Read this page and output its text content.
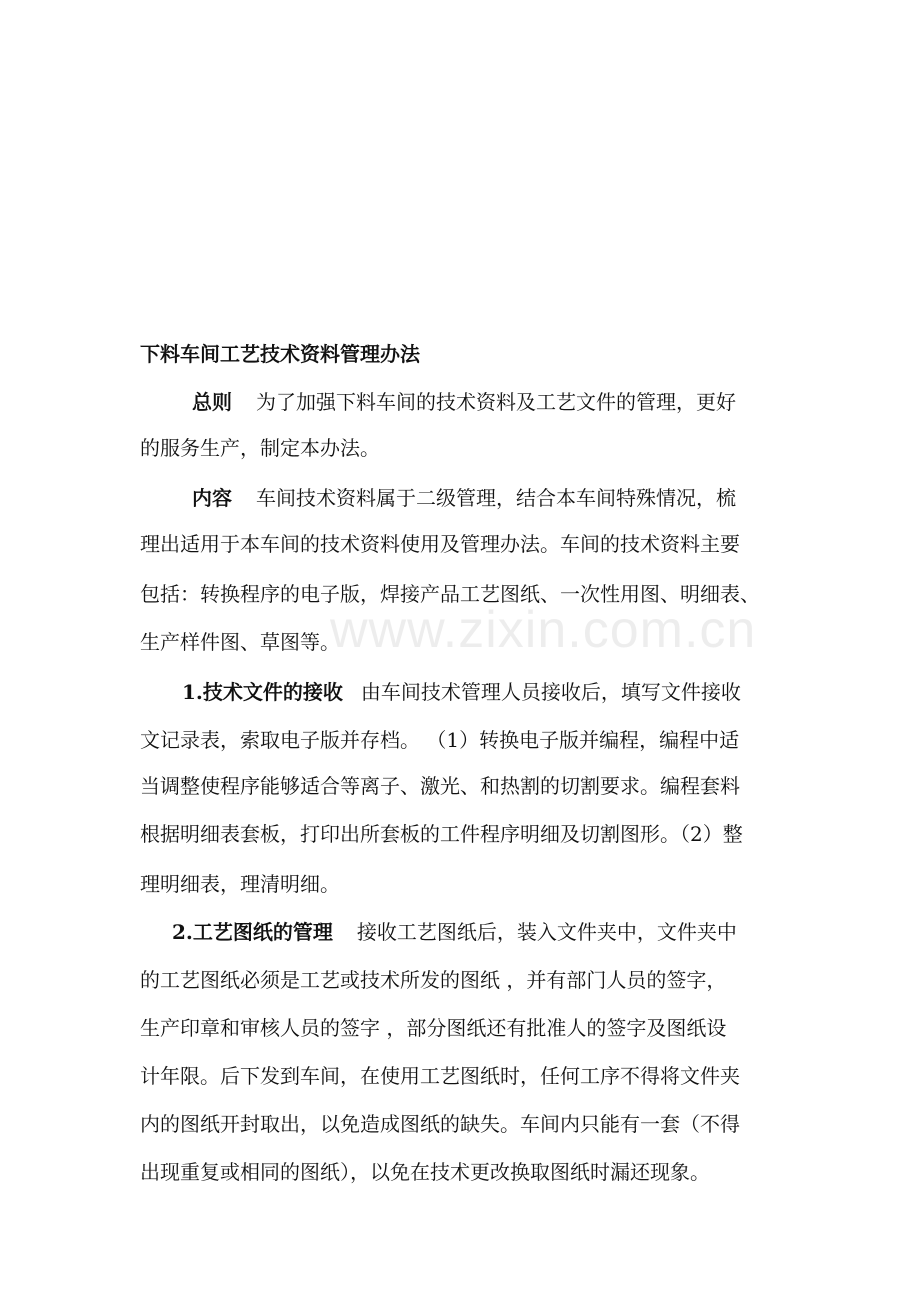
www.zixin.com.cn
下料车间工艺技术资料管理办法
总则 为了加强下料车间的技术资料及工艺文件的管理，更好
的服务生产，制定本办法。
内容 车间技术资料属于二级管理，结合本车间特殊情况，梳
理出适用于本车间的技术资料使用及管理办法。车间的技术资料主要
包括：转换程序的电子版，焊接产品工艺图纸、一次性用图、明细表、
生产样件图、草图等。
1.技术文件的接收 由车间技术管理人员接收后，填写文件接收
文记录表，索取电子版并存档。 （1）转换电子版并编程，编程中适
当调整使程序能够适合等离子、激光、和热割的切割要求。编程套料
根据明细表套板，打印出所套板的工件程序明细及切割图形。（2）整
理明细表，理清明细。
2.工艺图纸的管理 接收工艺图纸后，装入文件夹中，文件夹中
的工艺图纸必须是工艺或技术所发的图纸 ，并有部门人员的签字，
生产印章和审核人员的签字 ，部分图纸还有批准人的签字及图纸设
计年限。后下发到车间，在使用工艺图纸时，任何工序不得将文件夹
内的图纸开封取出，以免造成图纸的缺失。车间内只能有一套（不得
出现重复或相同的图纸），以免在技术更改换取图纸时漏还现象。
